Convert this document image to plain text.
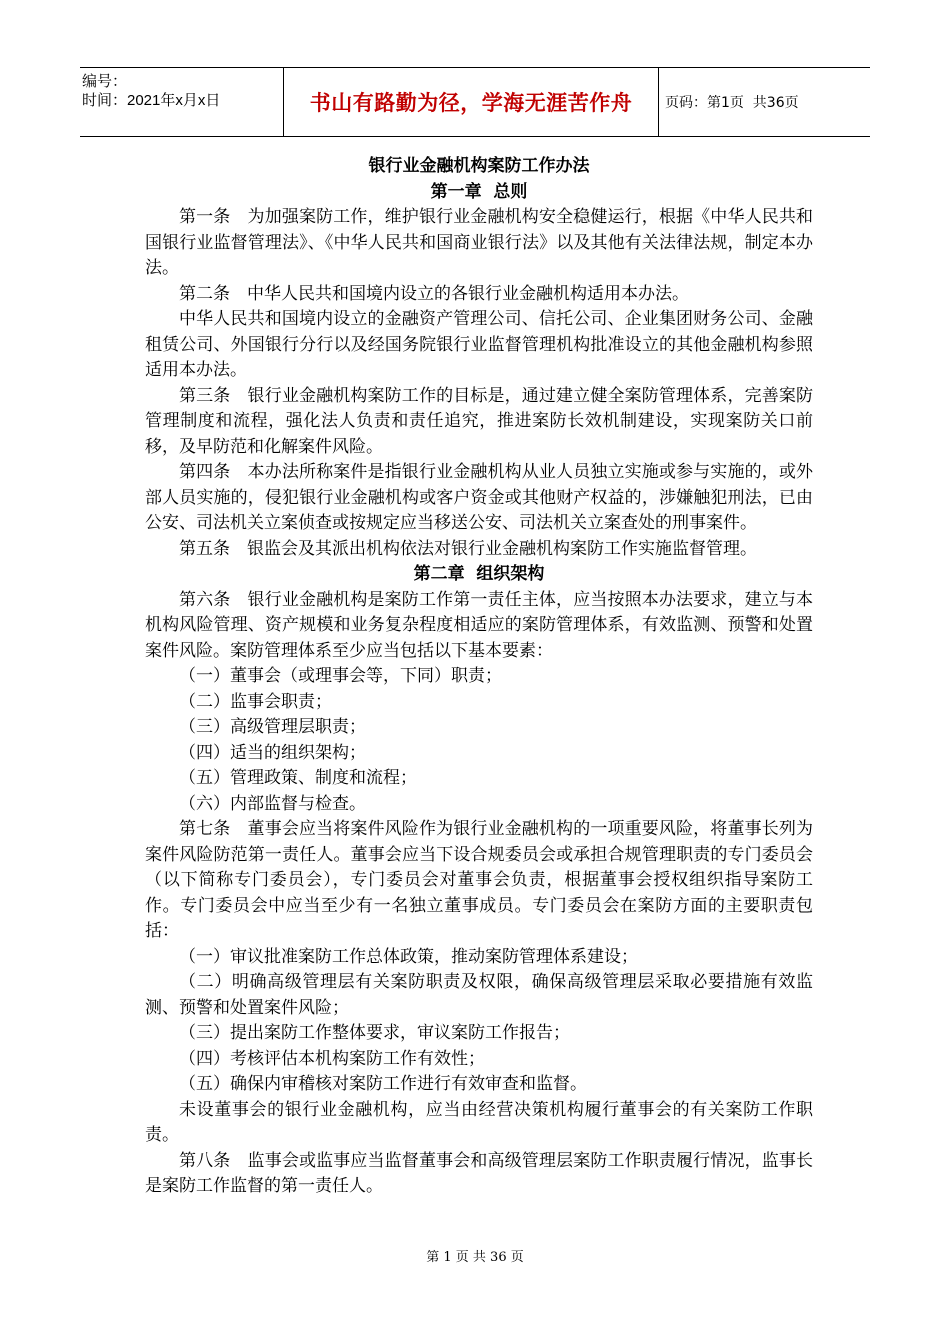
编号：
时间：2021年x月x日	书山有路勤为径，学海无涯苦作舟	页码：第1页  共36页

银行业金融机构案防工作办法

第一章  总则

第一条　为加强案防工作，维护银行业金融机构安全稳健运行，根据《中华人民共和国银行业监督管理法》、《中华人民共和国商业银行法》以及其他有关法律法规，制定本办法。

第二条　中华人民共和国境内设立的各银行业金融机构适用本办法。

中华人民共和国境内设立的金融资产管理公司、信托公司、企业集团财务公司、金融租赁公司、外国银行分行以及经国务院银行业监督管理机构批准设立的其他金融机构参照适用本办法。

第三条　银行业金融机构案防工作的目标是，通过建立健全案防管理体系，完善案防管理制度和流程，强化法人负责和责任追究，推进案防长效机制建设，实现案防关口前移，及早防范和化解案件风险。

第四条　本办法所称案件是指银行业金融机构从业人员独立实施或参与实施的，或外部人员实施的，侵犯银行业金融机构或客户资金或其他财产权益的，涉嫌触犯刑法，已由公安、司法机关立案侦查或按规定应当移送公安、司法机关立案查处的刑事案件。

第五条　银监会及其派出机构依法对银行业金融机构案防工作实施监督管理。

第二章  组织架构

第六条　银行业金融机构是案防工作第一责任主体，应当按照本办法要求，建立与本机构风险管理、资产规模和业务复杂程度相适应的案防管理体系，有效监测、预警和处置案件风险。案防管理体系至少应当包括以下基本要素：

（一）董事会（或理事会等，下同）职责；

（二）监事会职责；

（三）高级管理层职责；

（四）适当的组织架构；

（五）管理政策、制度和流程；

（六）内部监督与检查。

第七条　董事会应当将案件风险作为银行业金融机构的一项重要风险，将董事长列为案件风险防范第一责任人。董事会应当下设合规委员会或承担合规管理职责的专门委员会（以下简称专门委员会），专门委员会对董事会负责，根据董事会授权组织指导案防工作。专门委员会中应当至少有一名独立董事成员。专门委员会在案防方面的主要职责包括：

（一）审议批准案防工作总体政策，推动案防管理体系建设；

（二）明确高级管理层有关案防职责及权限，确保高级管理层采取必要措施有效监测、预警和处置案件风险；

（三）提出案防工作整体要求，审议案防工作报告；

（四）考核评估本机构案防工作有效性；

（五）确保内审稽核对案防工作进行有效审查和监督。

未设董事会的银行业金融机构，应当由经营决策机构履行董事会的有关案防工作职责。

第八条　监事会或监事应当监督董事会和高级管理层案防工作职责履行情况，监事长是案防工作监督的第一责任人。

第 1 页 共 36 页
